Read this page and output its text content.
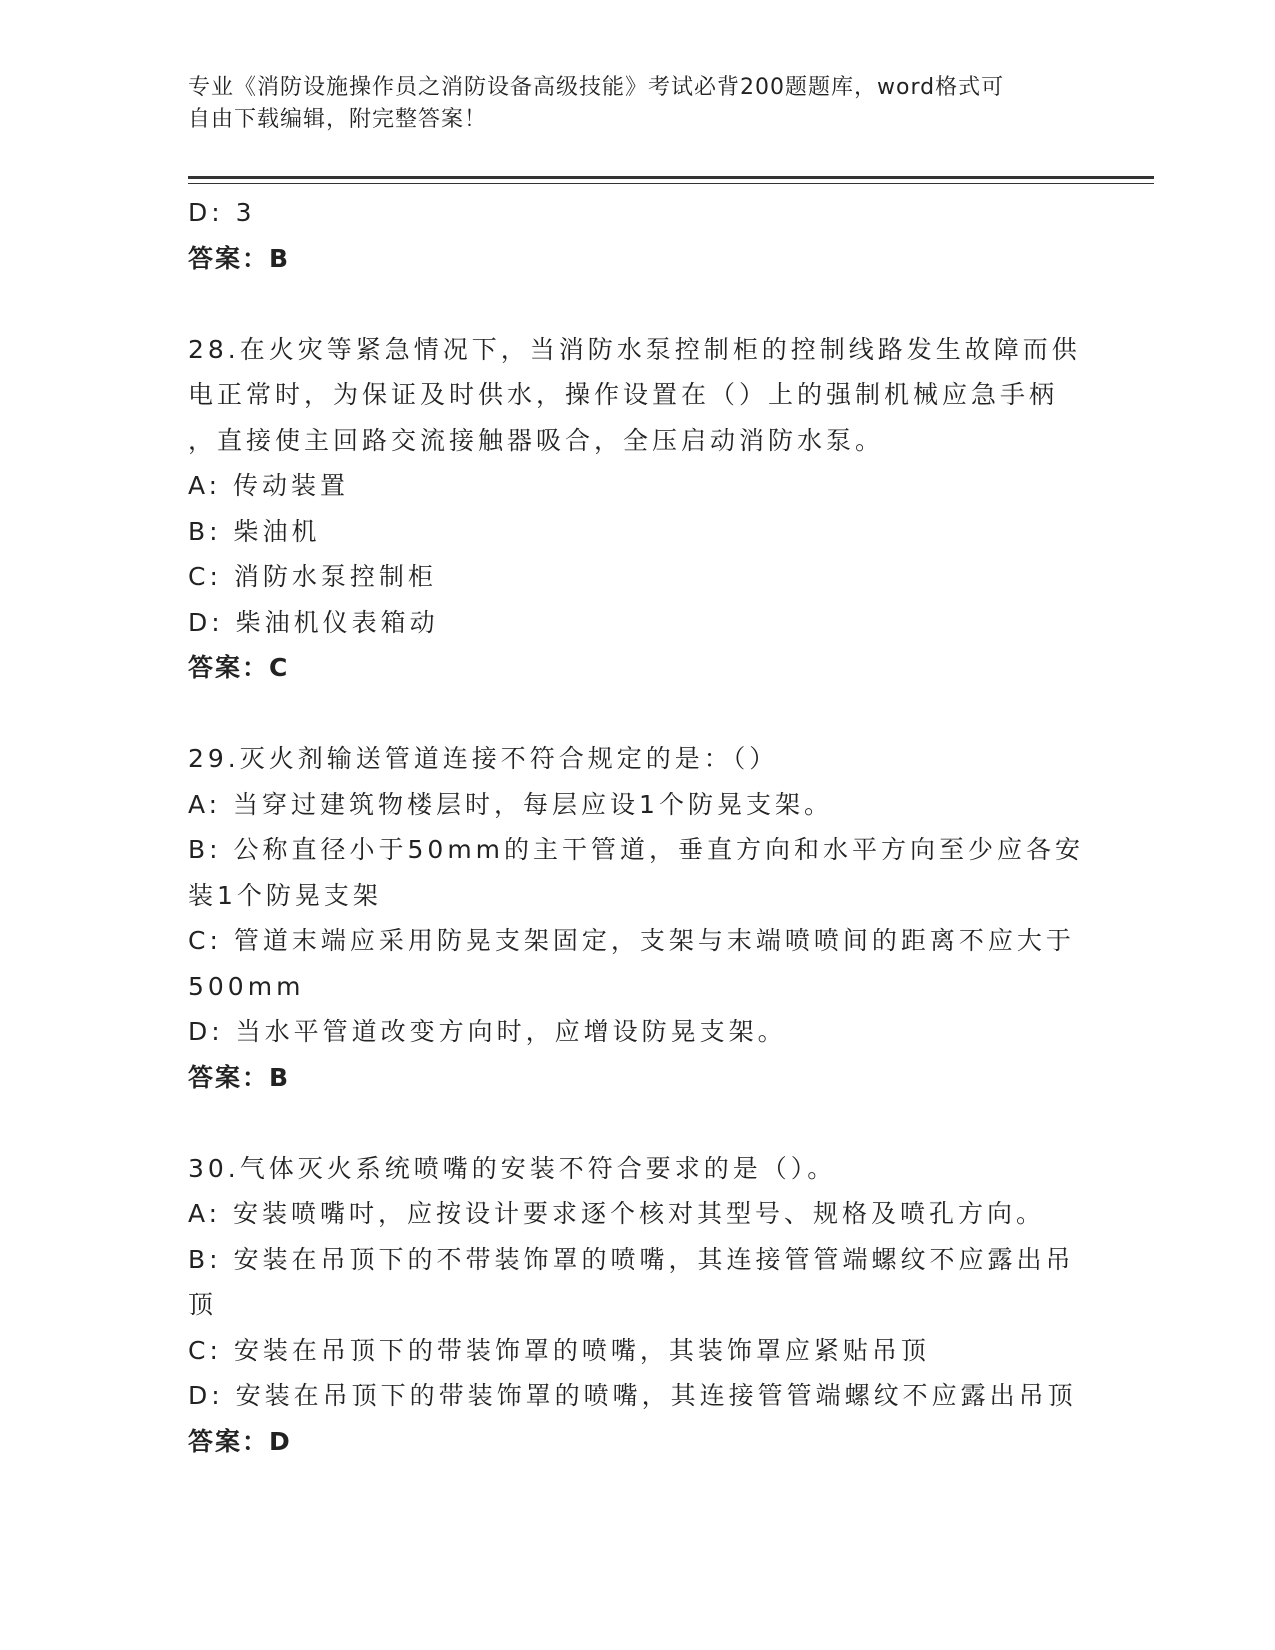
专业《消防设施操作员之消防设备高级技能》考试必背200题题库，word格式可
自由下载编辑，附完整答案！
D: 3
答案：B
28.在火灾等紧急情况下，当消防水泵控制柜的控制线路发生故障而供
电正常时，为保证及时供水，操作设置在（）上的强制机械应急手柄
，直接使主回路交流接触器吸合，全压启动消防水泵。
A: 传动装置
B: 柴油机
C: 消防水泵控制柜
D: 柴油机仪表箱动
答案：C
29.灭火剂输送管道连接不符合规定的是：（）
A: 当穿过建筑物楼层时，每层应设1个防晃支架。
B: 公称直径小于50mm的主干管道，垂直方向和水平方向至少应各安
装1个防晃支架
C: 管道末端应采用防晃支架固定，支架与末端喷喷间的距离不应大于
500mm
D: 当水平管道改变方向时，应增设防晃支架。
答案：B
30.气体灭火系统喷嘴的安装不符合要求的是（）。
A: 安装喷嘴吋，应按设计要求逐个核对其型号、规格及喷孔方向。
B: 安装在吊顶下的不带装饰罩的喷嘴，其连接管管端螺纹不应露出吊
顶
C: 安装在吊顶下的带装饰罩的喷嘴，其装饰罩应紧贴吊顶
D: 安装在吊顶下的带装饰罩的喷嘴，其连接管管端螺纹不应露出吊顶
答案：D
